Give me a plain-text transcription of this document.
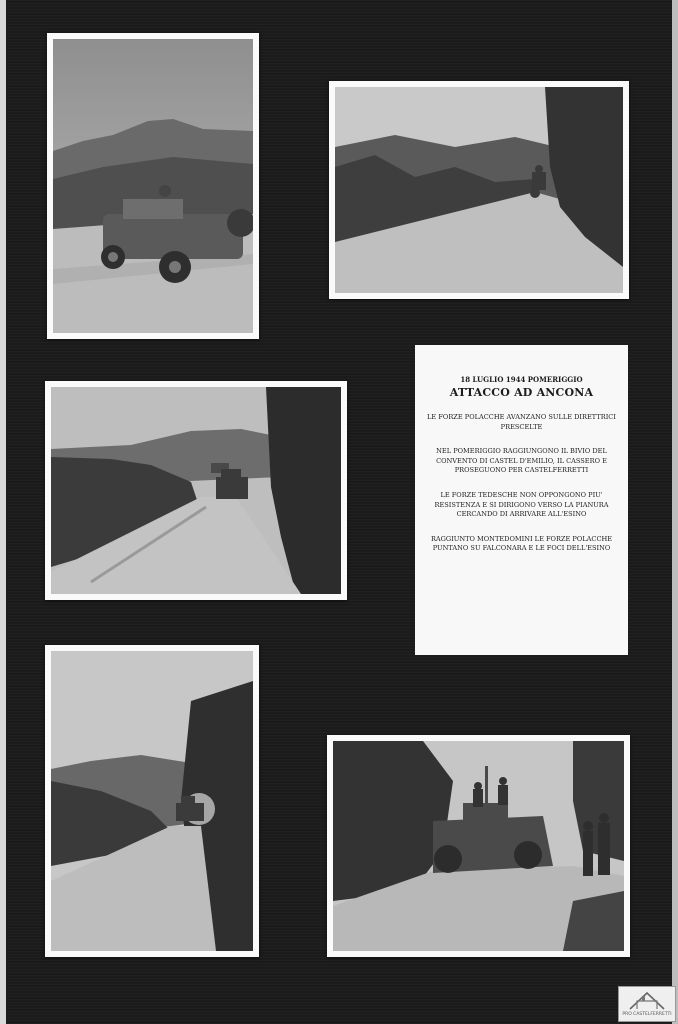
18 LUGLIO 1944 POMERIGGIO

ATTACCO AD ANCONA

LE FORZE POLACCHE AVANZANO SULLE DIRETTRICI PRESCELTE

NEL POMERIGGIO RAGGIUNGONO IL BIVIO DEL CONVENTO DI CASTEL D'EMILIO, IL CASSERO E PROSEGUONO PER CASTELFERRETTI

LE FORZE TEDESCHE NON OPPONGONO PIU' RESISTENZA E SI DIRIGONO VERSO LA PIANURA CERCANDO DI ARRIVARE ALL'ESINO

RAGGIUNTO MONTEDOMINI LE FORZE POLACCHE PUNTANO SU FALCONARA E LE FOCI DELL'ESINO

PRO CASTELFERRETTI
